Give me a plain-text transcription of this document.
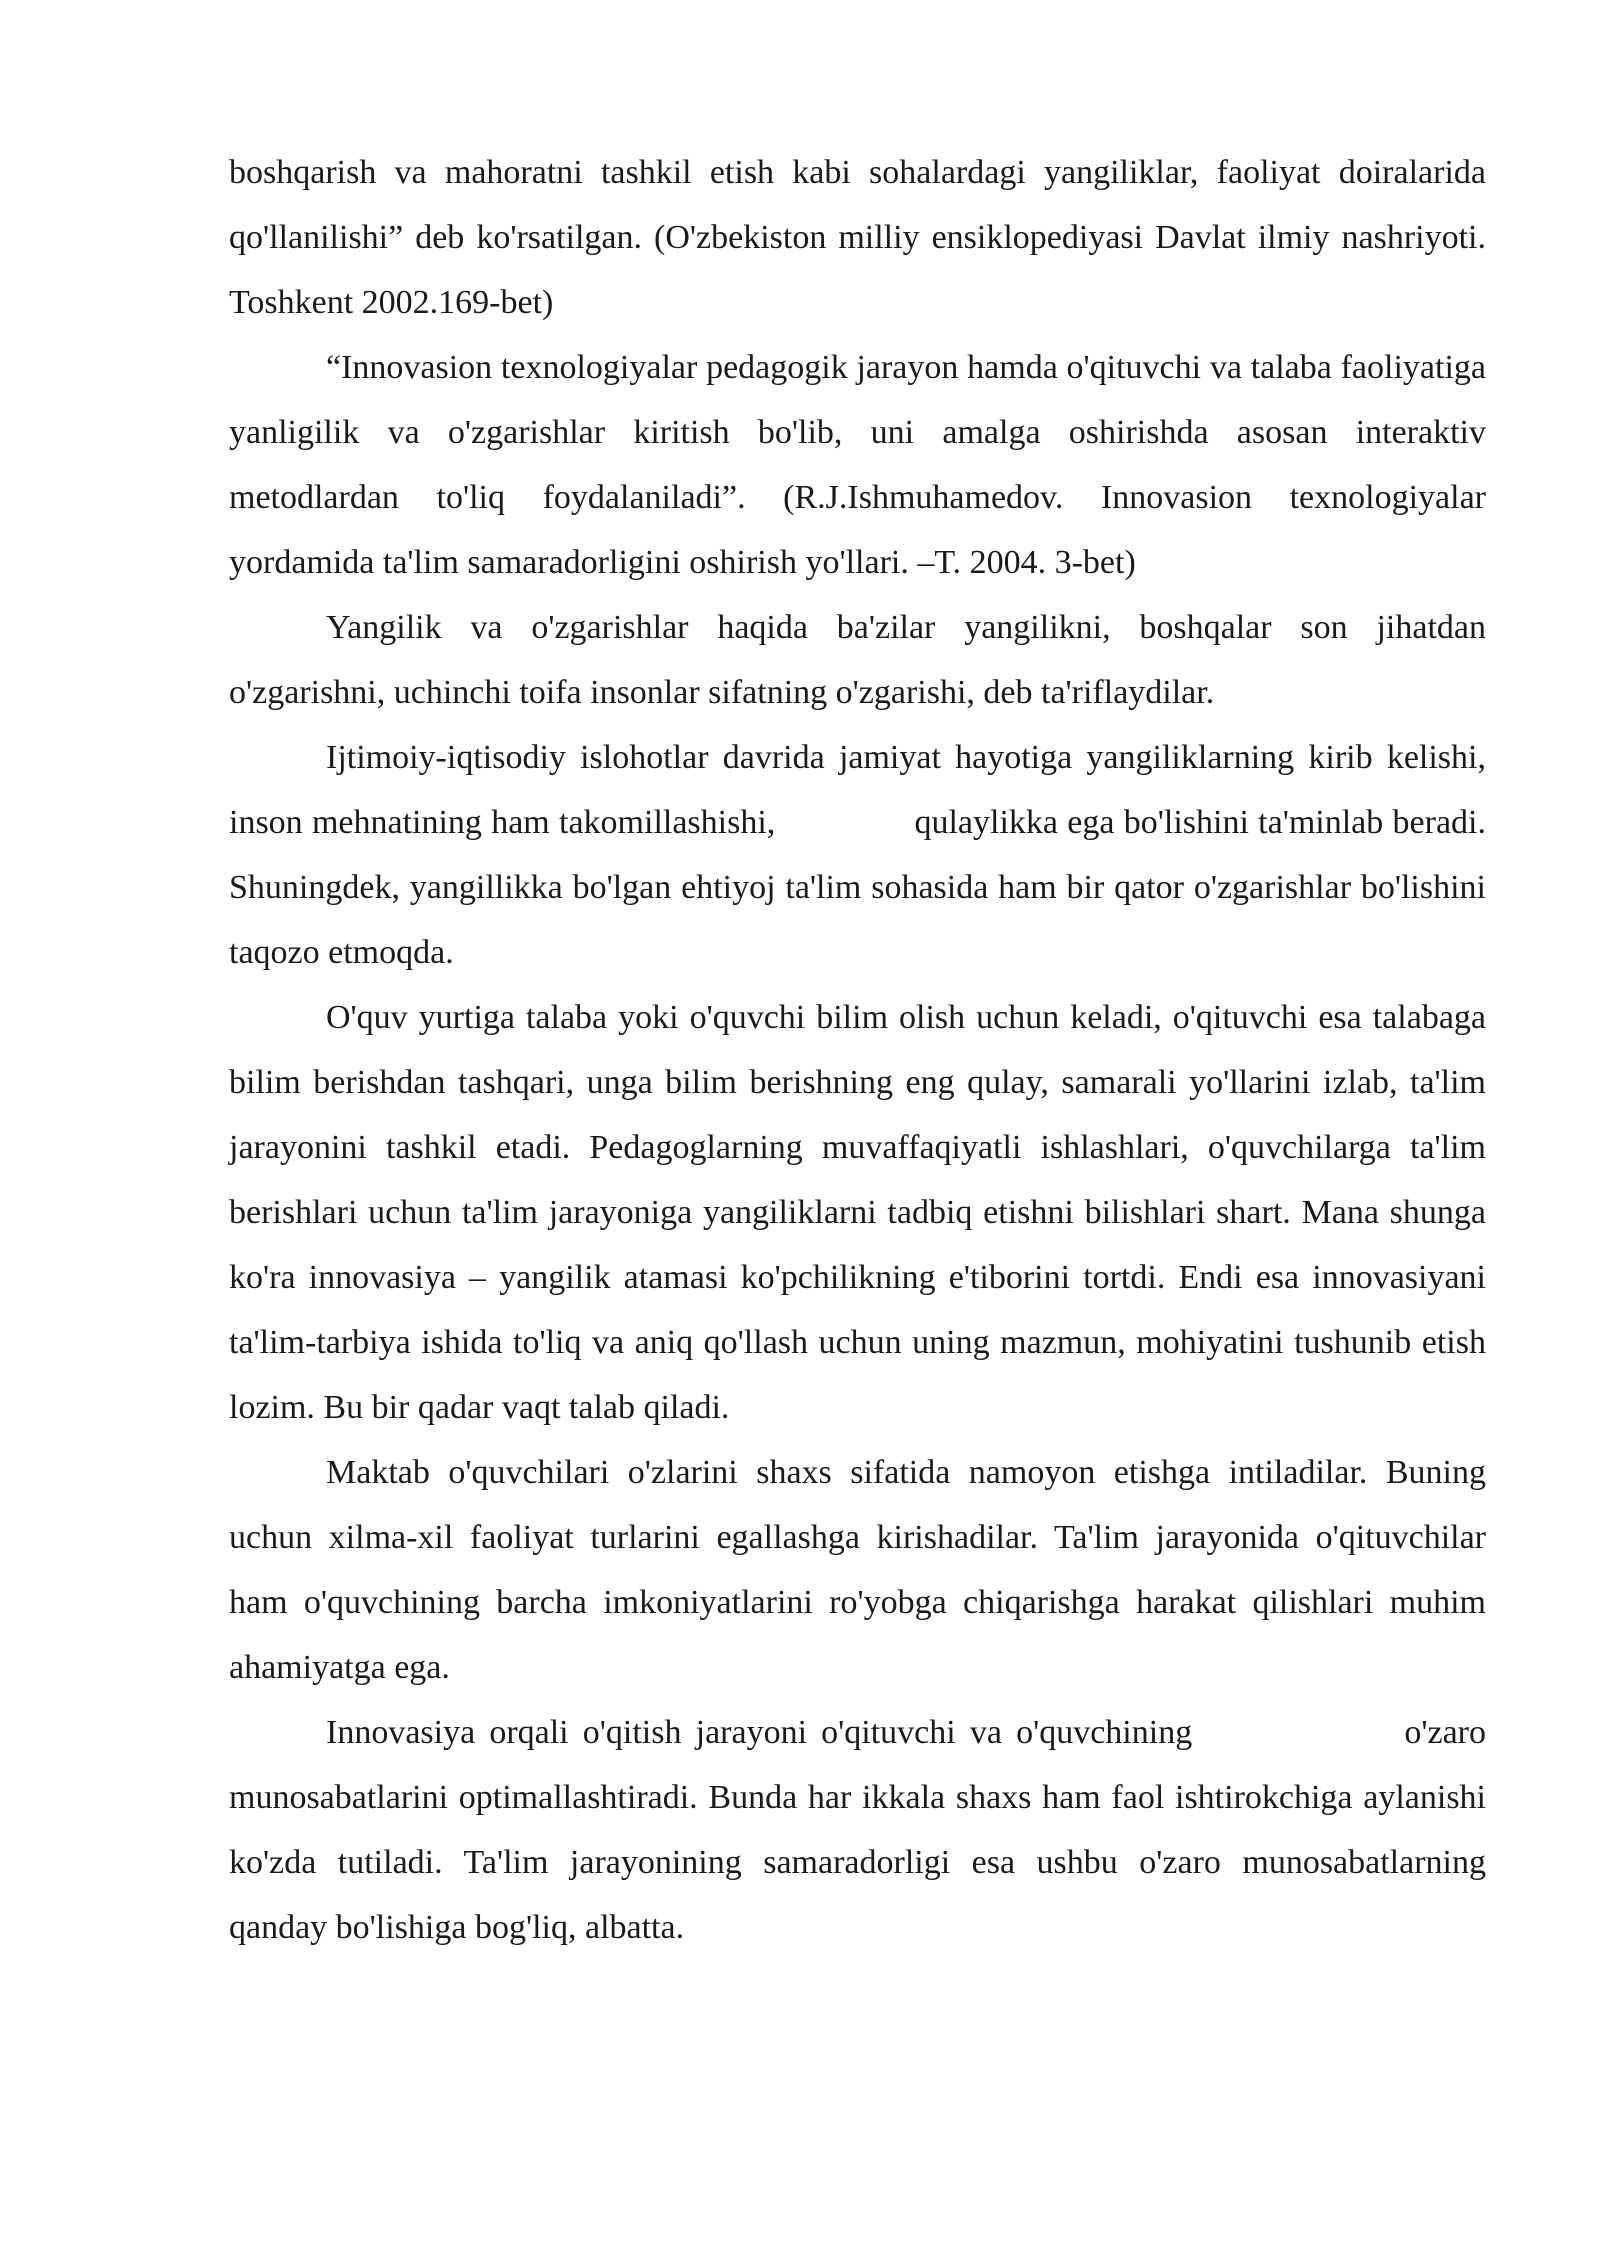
boshqarish va mahoratni tashkil etish kabi sohalardagi yangiliklar, faoliyat doiralarida qo'llanilishi” deb ko'rsatilgan. (O'zbekiston milliy ensiklopediyasi Davlat ilmiy nashriyoti. Toshkent 2002.169-bet)

“Innovasion texnologiyalar pedagogik jarayon hamda o'qituvchi va talaba faoliyatiga yanligilik va o'zgarishlar kiritish bo'lib, uni amalga oshirishda asosan interaktiv metodlardan to'liq foydalaniladi”. (R.J.Ishmuhamedov. Innovasion texnologiyalar yordamida ta'lim samaradorligini oshirish yo'llari. –T. 2004. 3-bet)

Yangilik va o'zgarishlar haqida ba'zilar yangilikni, boshqalar son jihatdan o'zgarishni, uchinchi toifa insonlar sifatning o'zgarishi, deb ta'riflaydilar.

Ijtimoiy-iqtisodiy islohotlar davrida jamiyat hayotiga yangiliklarning kirib kelishi, inson mehnatining ham takomillashishi,               qulaylikka ega bo'lishini ta'minlab beradi. Shuningdek, yangillikka bo'lgan ehtiyoj ta'lim sohasida ham bir qator o'zgarishlar bo'lishini taqozo etmoqda.

O'quv yurtiga talaba yoki o'quvchi bilim olish uchun keladi, o'qituvchi esa talabaga bilim berishdan tashqari, unga bilim berishning eng qulay, samarali yo'llarini izlab, ta'lim jarayonini tashkil etadi. Pedagoglarning muvaffaqiyatli ishlashlari, o'quvchilarga ta'lim berishlari uchun ta'lim jarayoniga yangiliklarni tadbiq etishni bilishlari shart. Mana shunga ko'ra innovasiya – yangilik atamasi ko'pchilikning e'tiborini tortdi. Endi esa innovasiyani ta'lim-tarbiya ishida to'liq va aniq qo'llash uchun uning mazmun, mohiyatini tushunib etish lozim. Bu bir qadar vaqt talab qiladi.

Maktab o'quvchilari o'zlarini shaxs sifatida namoyon etishga intiladilar. Buning uchun xilma-xil faoliyat turlarini egallashga kirishadilar. Ta'lim jarayonida o'qituvchilar ham o'quvchining barcha imkoniyatlarini ro'yobga chiqarishga harakat qilishlari muhim ahamiyatga ega.

Innovasiya orqali o'qitish jarayoni o'qituvchi va o'quvchining               o'zaro munosabatlarini optimallashtiradi. Bunda har ikkala shaxs ham faol ishtirokchiga aylanishi ko'zda tutiladi. Ta'lim jarayonining samaradorligi esa ushbu o'zaro munosabatlarning qanday bo'lishiga bog'liq, albatta.
